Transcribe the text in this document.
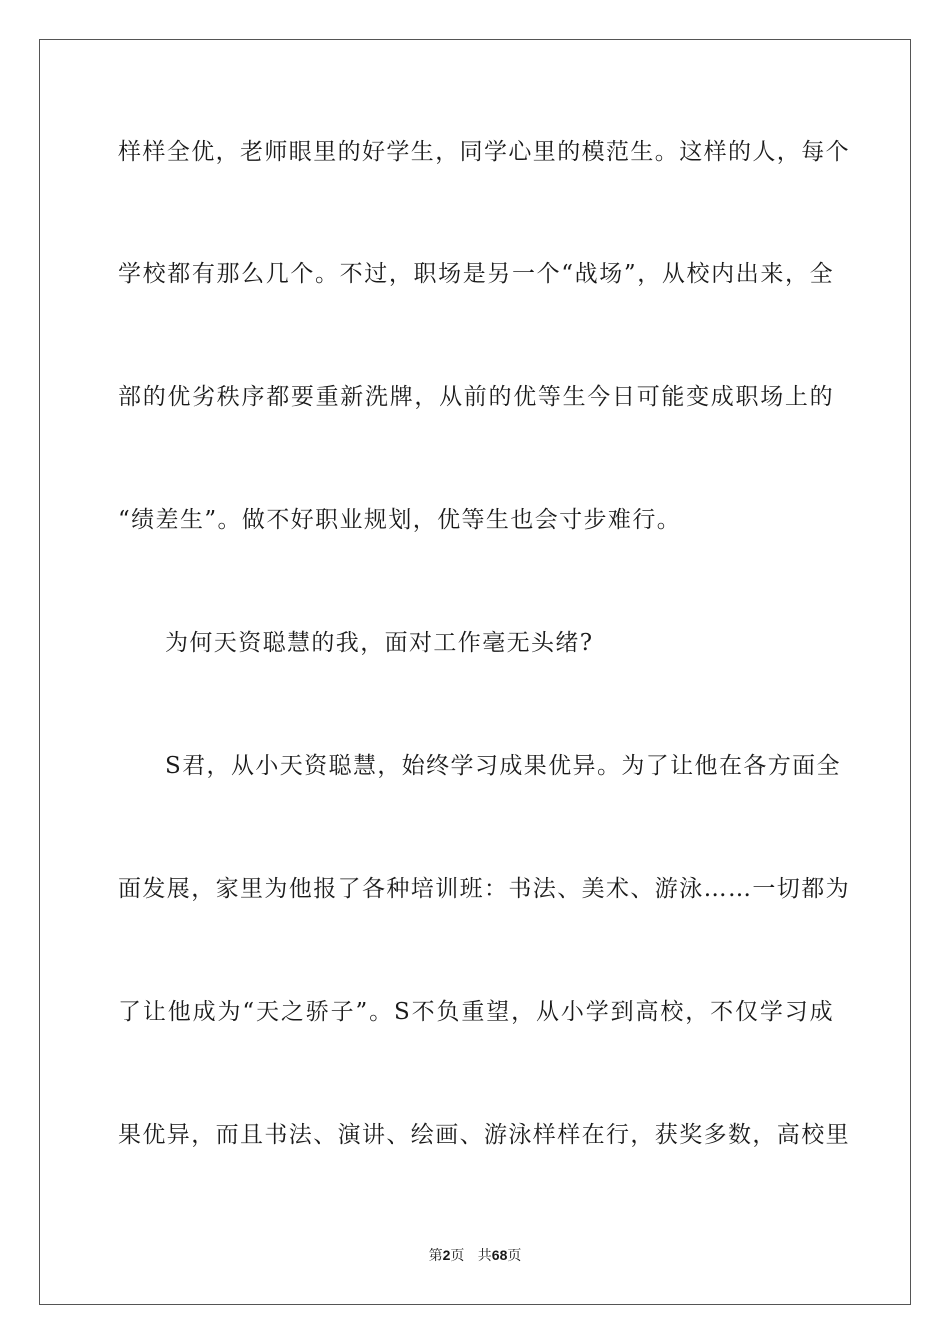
样样全优，老师眼里的好学生，同学心里的模范生。这样的人，每个
学校都有那么几个。不过，职场是另一个“战场”，从校内出来，全
部的优劣秩序都要重新洗牌，从前的优等生今日可能变成职场上的
“绩差生”。做不好职业规划，优等生也会寸步难行。
为何天资聪慧的我，面对工作毫无头绪?
S君，从小天资聪慧，始终学习成果优异。为了让他在各方面全
面发展，家里为他报了各种培训班：书法、美术、游泳……一切都为
了让他成为“天之骄子”。S不负重望，从小学到高校，不仅学习成
果优异，而且书法、演讲、绘画、游泳样样在行，获奖多数，高校里
第2页 共68页
